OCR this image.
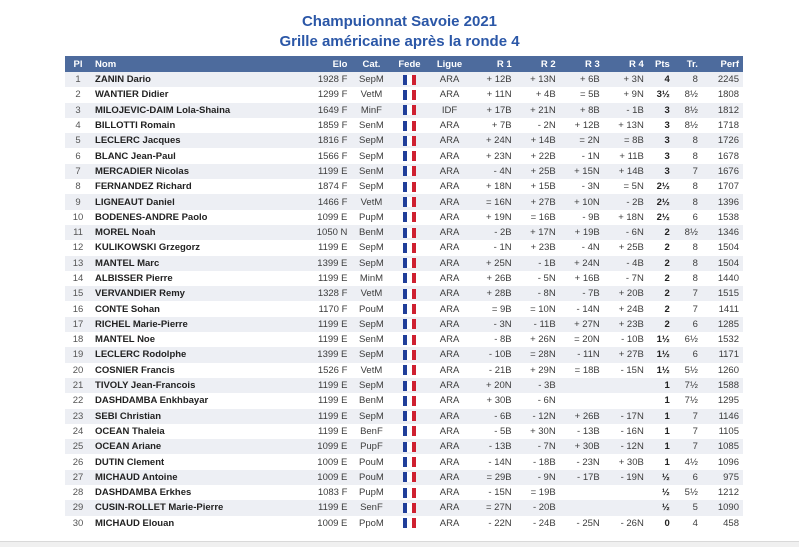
Champuionnat Savoie 2021
Grille américaine après la ronde 4
Pl	Nom	Elo	Cat.	Fede	Ligue	R 1	R 2	R 3	R 4	Pts	Tr.	Perf
1	ZANIN Dario	1928 F	SepM		ARA	+ 12B	+ 13N	+ 6B	+ 3N	4	8	2245
2	WANTIER Didier	1299 F	VetM		ARA	+ 11N	+ 4B	= 5B	+ 9N	3½	8½	1808
3	MILOJEVIC-DAIM Lola-Shaina	1649 F	MinF		IDF	+ 17B	+ 21N	+ 8B	- 1B	3	8½	1812
4	BILLOTTI Romain	1859 F	SenM		ARA	+ 7B	- 2N	+ 12B	+ 13N	3	8½	1718
5	LECLERC Jacques	1816 F	SepM		ARA	+ 24N	+ 14B	= 2N	= 8B	3	8	1726
6	BLANC Jean-Paul	1566 F	SepM		ARA	+ 23N	+ 22B	- 1N	+ 11B	3	8	1678
7	MERCADIER Nicolas	1199 E	SenM		ARA	- 4N	+ 25B	+ 15N	+ 14B	3	7	1676
8	FERNANDEZ Richard	1874 F	SepM		ARA	+ 18N	+ 15B	- 3N	= 5N	2½	8	1707
9	LIGNEAUT Daniel	1466 F	VetM		ARA	= 16N	+ 27B	+ 10N	- 2B	2½	8	1396
10	BODENES-ANDRE Paolo	1099 E	PupM		ARA	+ 19N	= 16B	- 9B	+ 18N	2½	6	1538
11	MOREL Noah	1050 N	BenM		ARA	- 2B	+ 17N	+ 19B	- 6N	2	8½	1346
12	KULIKOWSKI Grzegorz	1199 E	SepM		ARA	- 1N	+ 23B	- 4N	+ 25B	2	8	1504
13	MANTEL Marc	1399 E	SepM		ARA	+ 25N	- 1B	+ 24N	- 4B	2	8	1504
14	ALBISSER Pierre	1199 E	MinM		ARA	+ 26B	- 5N	+ 16B	- 7N	2	8	1440
15	VERVANDIER Remy	1328 F	VetM		ARA	+ 28B	- 8N	- 7B	+ 20B	2	7	1515
16	CONTE Sohan	1170 F	PouM		ARA	= 9B	= 10N	- 14N	+ 24B	2	7	1411
17	RICHEL Marie-Pierre	1199 E	SepM		ARA	- 3N	- 11B	+ 27N	+ 23B	2	6	1285
18	MANTEL Noe	1199 E	SenM		ARA	- 8B	+ 26N	= 20N	- 10B	1½	6½	1532
19	LECLERC Rodolphe	1399 E	SepM		ARA	- 10B	= 28N	- 11N	+ 27B	1½	6	1171
20	COSNIER Francis	1526 F	VetM		ARA	- 21B	+ 29N	= 18B	- 15N	1½	5½	1260
21	TIVOLY Jean-Francois	1199 E	SepM		ARA	+ 20N	- 3B			1	7½	1588
22	DASHDAMBA Enkhbayar	1199 E	BenM		ARA	+ 30B	- 6N			1	7½	1295
23	SEBI Christian	1199 E	SepM		ARA	- 6B	- 12N	+ 26B	- 17N	1	7	1146
24	OCEAN Thaleia	1199 E	BenF		ARA	- 5B	+ 30N	- 13B	- 16N	1	7	1105
25	OCEAN Ariane	1099 E	PupF		ARA	- 13B	- 7N	+ 30B	- 12N	1	7	1085
26	DUTIN Clement	1009 E	PouM		ARA	- 14N	- 18B	- 23N	+ 30B	1	4½	1096
27	MICHAUD Antoine	1009 E	PouM		ARA	= 29B	- 9N	- 17B	- 19N	½	6	975
28	DASHDAMBA Erkhes	1083 F	PupM		ARA	- 15N	= 19B			½	5½	1212
29	CUSIN-ROLLET Marie-Pierre	1199 E	SenF		ARA	= 27N	- 20B			½	5	1090
30	MICHAUD Elouan	1009 E	PpoM		ARA	- 22N	- 24B	- 25N	- 26N	0	4	458
